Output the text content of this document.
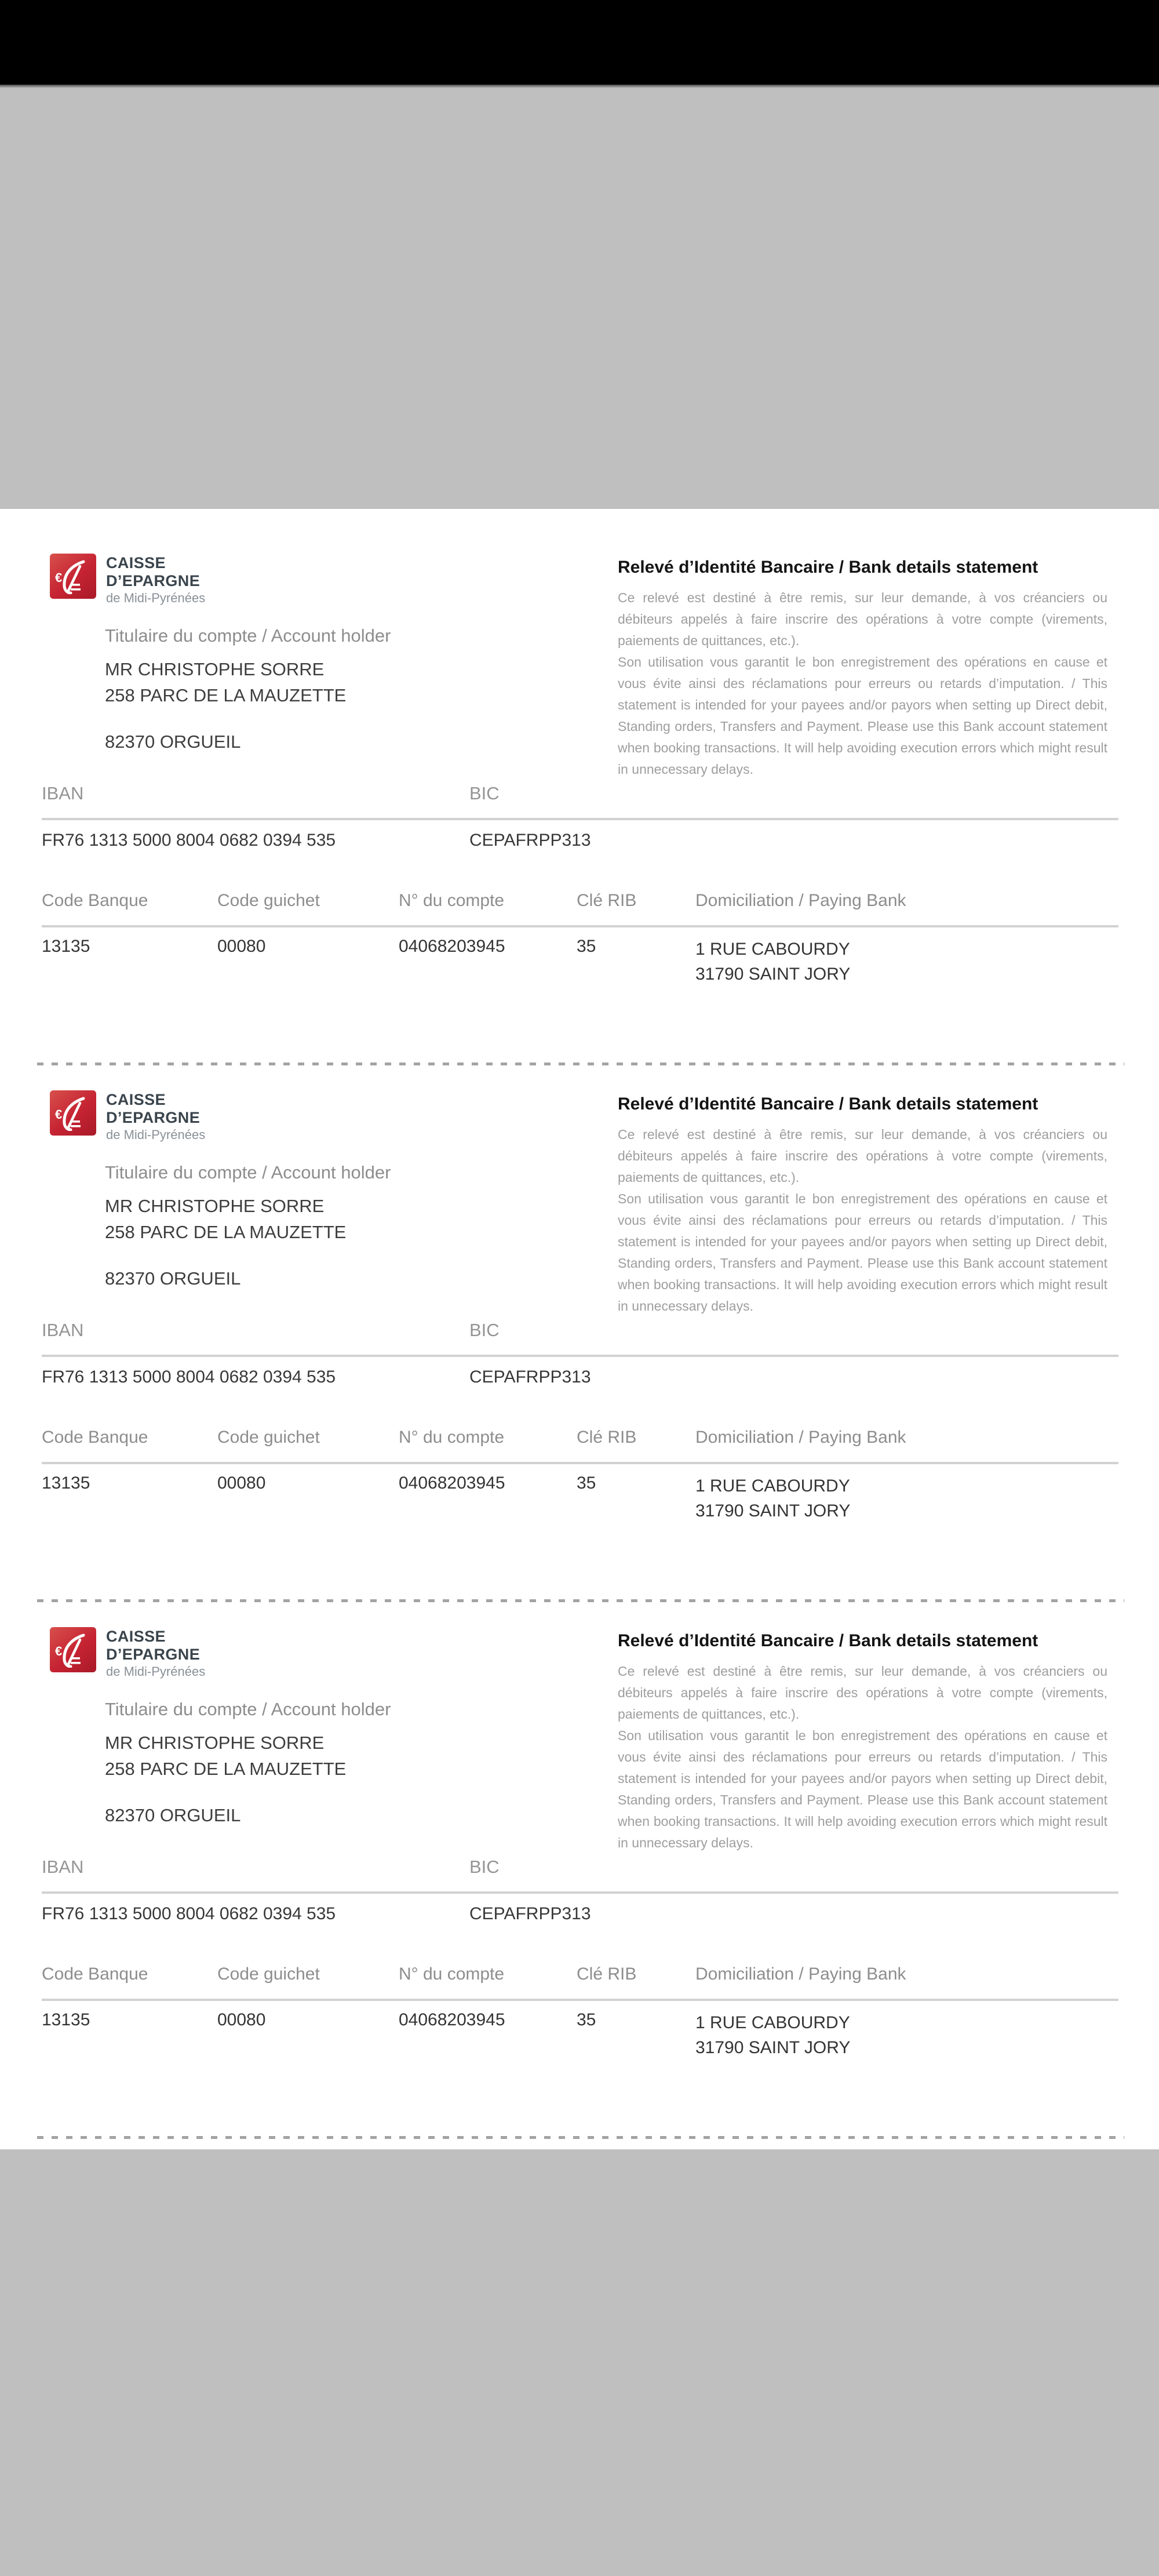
€
CAISSE
D’EPARGNE
de Midi-Pyrénées
Relevé d’Identité Bancaire / Bank details statement

Ce relevé est destiné à être remis, sur leur demande, à vos créanciers ou débiteurs appelés à faire inscrire des opérations à votre compte (virements, paiements de quittances, etc.).

Son utilisation vous garantit le bon enregistrement des opérations en cause et vous évite ainsi des réclamations pour erreurs ou retards d’imputation. / This statement is intended for your payees and/or payors when setting up Direct debit, Standing orders, Transfers and Payment. Please use this Bank account statement when booking transactions. It will help avoiding execution errors which might result in unnecessary delays.

Titulaire du compte / Account holder
MR CHRISTOPHE SORRE
258 PARC DE LA MAUZETTE
82370 ORGUEIL
IBAN	BIC
FR76 1313 5000 8004 0682 0394 535	CEPAFRPP313
Code Banque	Code guichet	N° du compte	Clé RIB	Domiciliation / Paying Bank
13135	00080	04068203945	35	1 RUE CABOURDY
31790 SAINT JORY
€
CAISSE
D’EPARGNE
de Midi-Pyrénées
Relevé d’Identité Bancaire / Bank details statement

Ce relevé est destiné à être remis, sur leur demande, à vos créanciers ou débiteurs appelés à faire inscrire des opérations à votre compte (virements, paiements de quittances, etc.).

Son utilisation vous garantit le bon enregistrement des opérations en cause et vous évite ainsi des réclamations pour erreurs ou retards d’imputation. / This statement is intended for your payees and/or payors when setting up Direct debit, Standing orders, Transfers and Payment. Please use this Bank account statement when booking transactions. It will help avoiding execution errors which might result in unnecessary delays.

Titulaire du compte / Account holder
MR CHRISTOPHE SORRE
258 PARC DE LA MAUZETTE
82370 ORGUEIL
IBAN	BIC
FR76 1313 5000 8004 0682 0394 535	CEPAFRPP313
Code Banque	Code guichet	N° du compte	Clé RIB	Domiciliation / Paying Bank
13135	00080	04068203945	35	1 RUE CABOURDY
31790 SAINT JORY
€
CAISSE
D’EPARGNE
de Midi-Pyrénées
Relevé d’Identité Bancaire / Bank details statement

Ce relevé est destiné à être remis, sur leur demande, à vos créanciers ou débiteurs appelés à faire inscrire des opérations à votre compte (virements, paiements de quittances, etc.).

Son utilisation vous garantit le bon enregistrement des opérations en cause et vous évite ainsi des réclamations pour erreurs ou retards d’imputation. / This statement is intended for your payees and/or payors when setting up Direct debit, Standing orders, Transfers and Payment. Please use this Bank account statement when booking transactions. It will help avoiding execution errors which might result in unnecessary delays.

Titulaire du compte / Account holder
MR CHRISTOPHE SORRE
258 PARC DE LA MAUZETTE
82370 ORGUEIL
IBAN	BIC
FR76 1313 5000 8004 0682 0394 535	CEPAFRPP313
Code Banque	Code guichet	N° du compte	Clé RIB	Domiciliation / Paying Bank
13135	00080	04068203945	35	1 RUE CABOURDY
31790 SAINT JORY
